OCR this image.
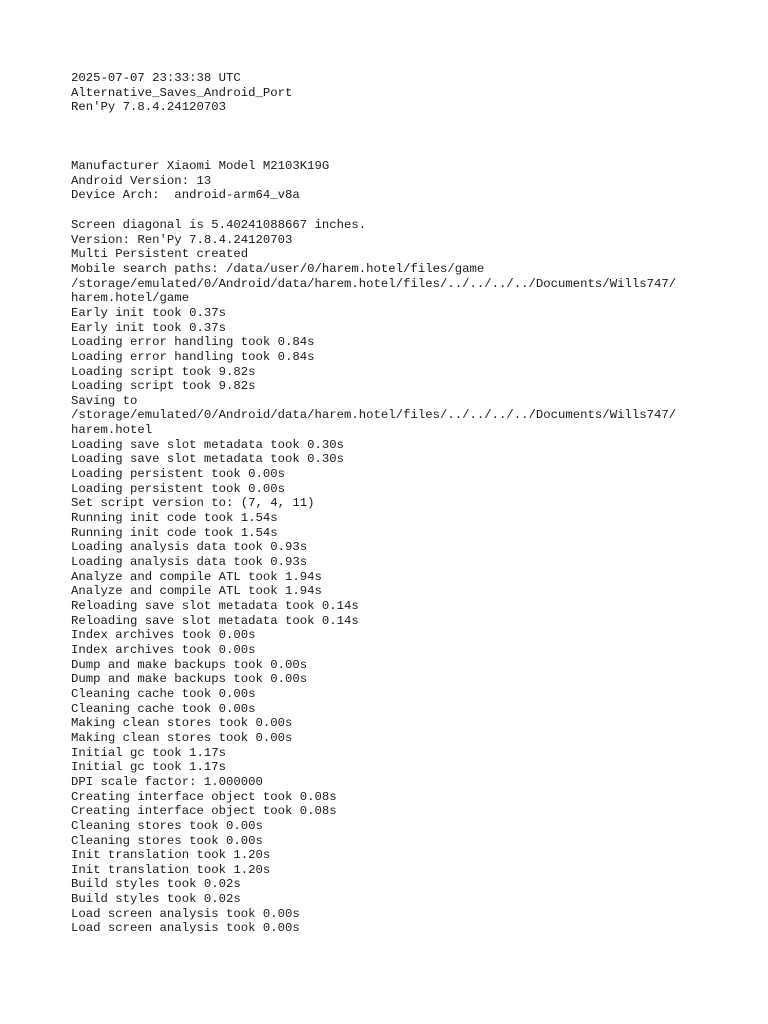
2025-07-07 23:33:38 UTC
Alternative_Saves_Android_Port
Ren'Py 7.8.4.24120703
Manufacturer Xiaomi Model M2103K19G
Android Version: 13
Device Arch:  android-arm64_v8a
Screen diagonal is 5.40241088667 inches.
Version: Ren'Py 7.8.4.24120703
Multi Persistent created
Mobile search paths: /data/user/0/harem.hotel/files/game
/storage/emulated/0/Android/data/harem.hotel/files/../../../../Documents/Wills747/
harem.hotel/game
Early init took 0.37s
Early init took 0.37s
Loading error handling took 0.84s
Loading error handling took 0.84s
Loading script took 9.82s
Loading script took 9.82s
Saving to
/storage/emulated/0/Android/data/harem.hotel/files/../../../../Documents/Wills747/
harem.hotel
Loading save slot metadata took 0.30s
Loading save slot metadata took 0.30s
Loading persistent took 0.00s
Loading persistent took 0.00s
Set script version to: (7, 4, 11)
Running init code took 1.54s
Running init code took 1.54s
Loading analysis data took 0.93s
Loading analysis data took 0.93s
Analyze and compile ATL took 1.94s
Analyze and compile ATL took 1.94s
Reloading save slot metadata took 0.14s
Reloading save slot metadata took 0.14s
Index archives took 0.00s
Index archives took 0.00s
Dump and make backups took 0.00s
Dump and make backups took 0.00s
Cleaning cache took 0.00s
Cleaning cache took 0.00s
Making clean stores took 0.00s
Making clean stores took 0.00s
Initial gc took 1.17s
Initial gc took 1.17s
DPI scale factor: 1.000000
Creating interface object took 0.08s
Creating interface object took 0.08s
Cleaning stores took 0.00s
Cleaning stores took 0.00s
Init translation took 1.20s
Init translation took 1.20s
Build styles took 0.02s
Build styles took 0.02s
Load screen analysis took 0.00s
Load screen analysis took 0.00s
